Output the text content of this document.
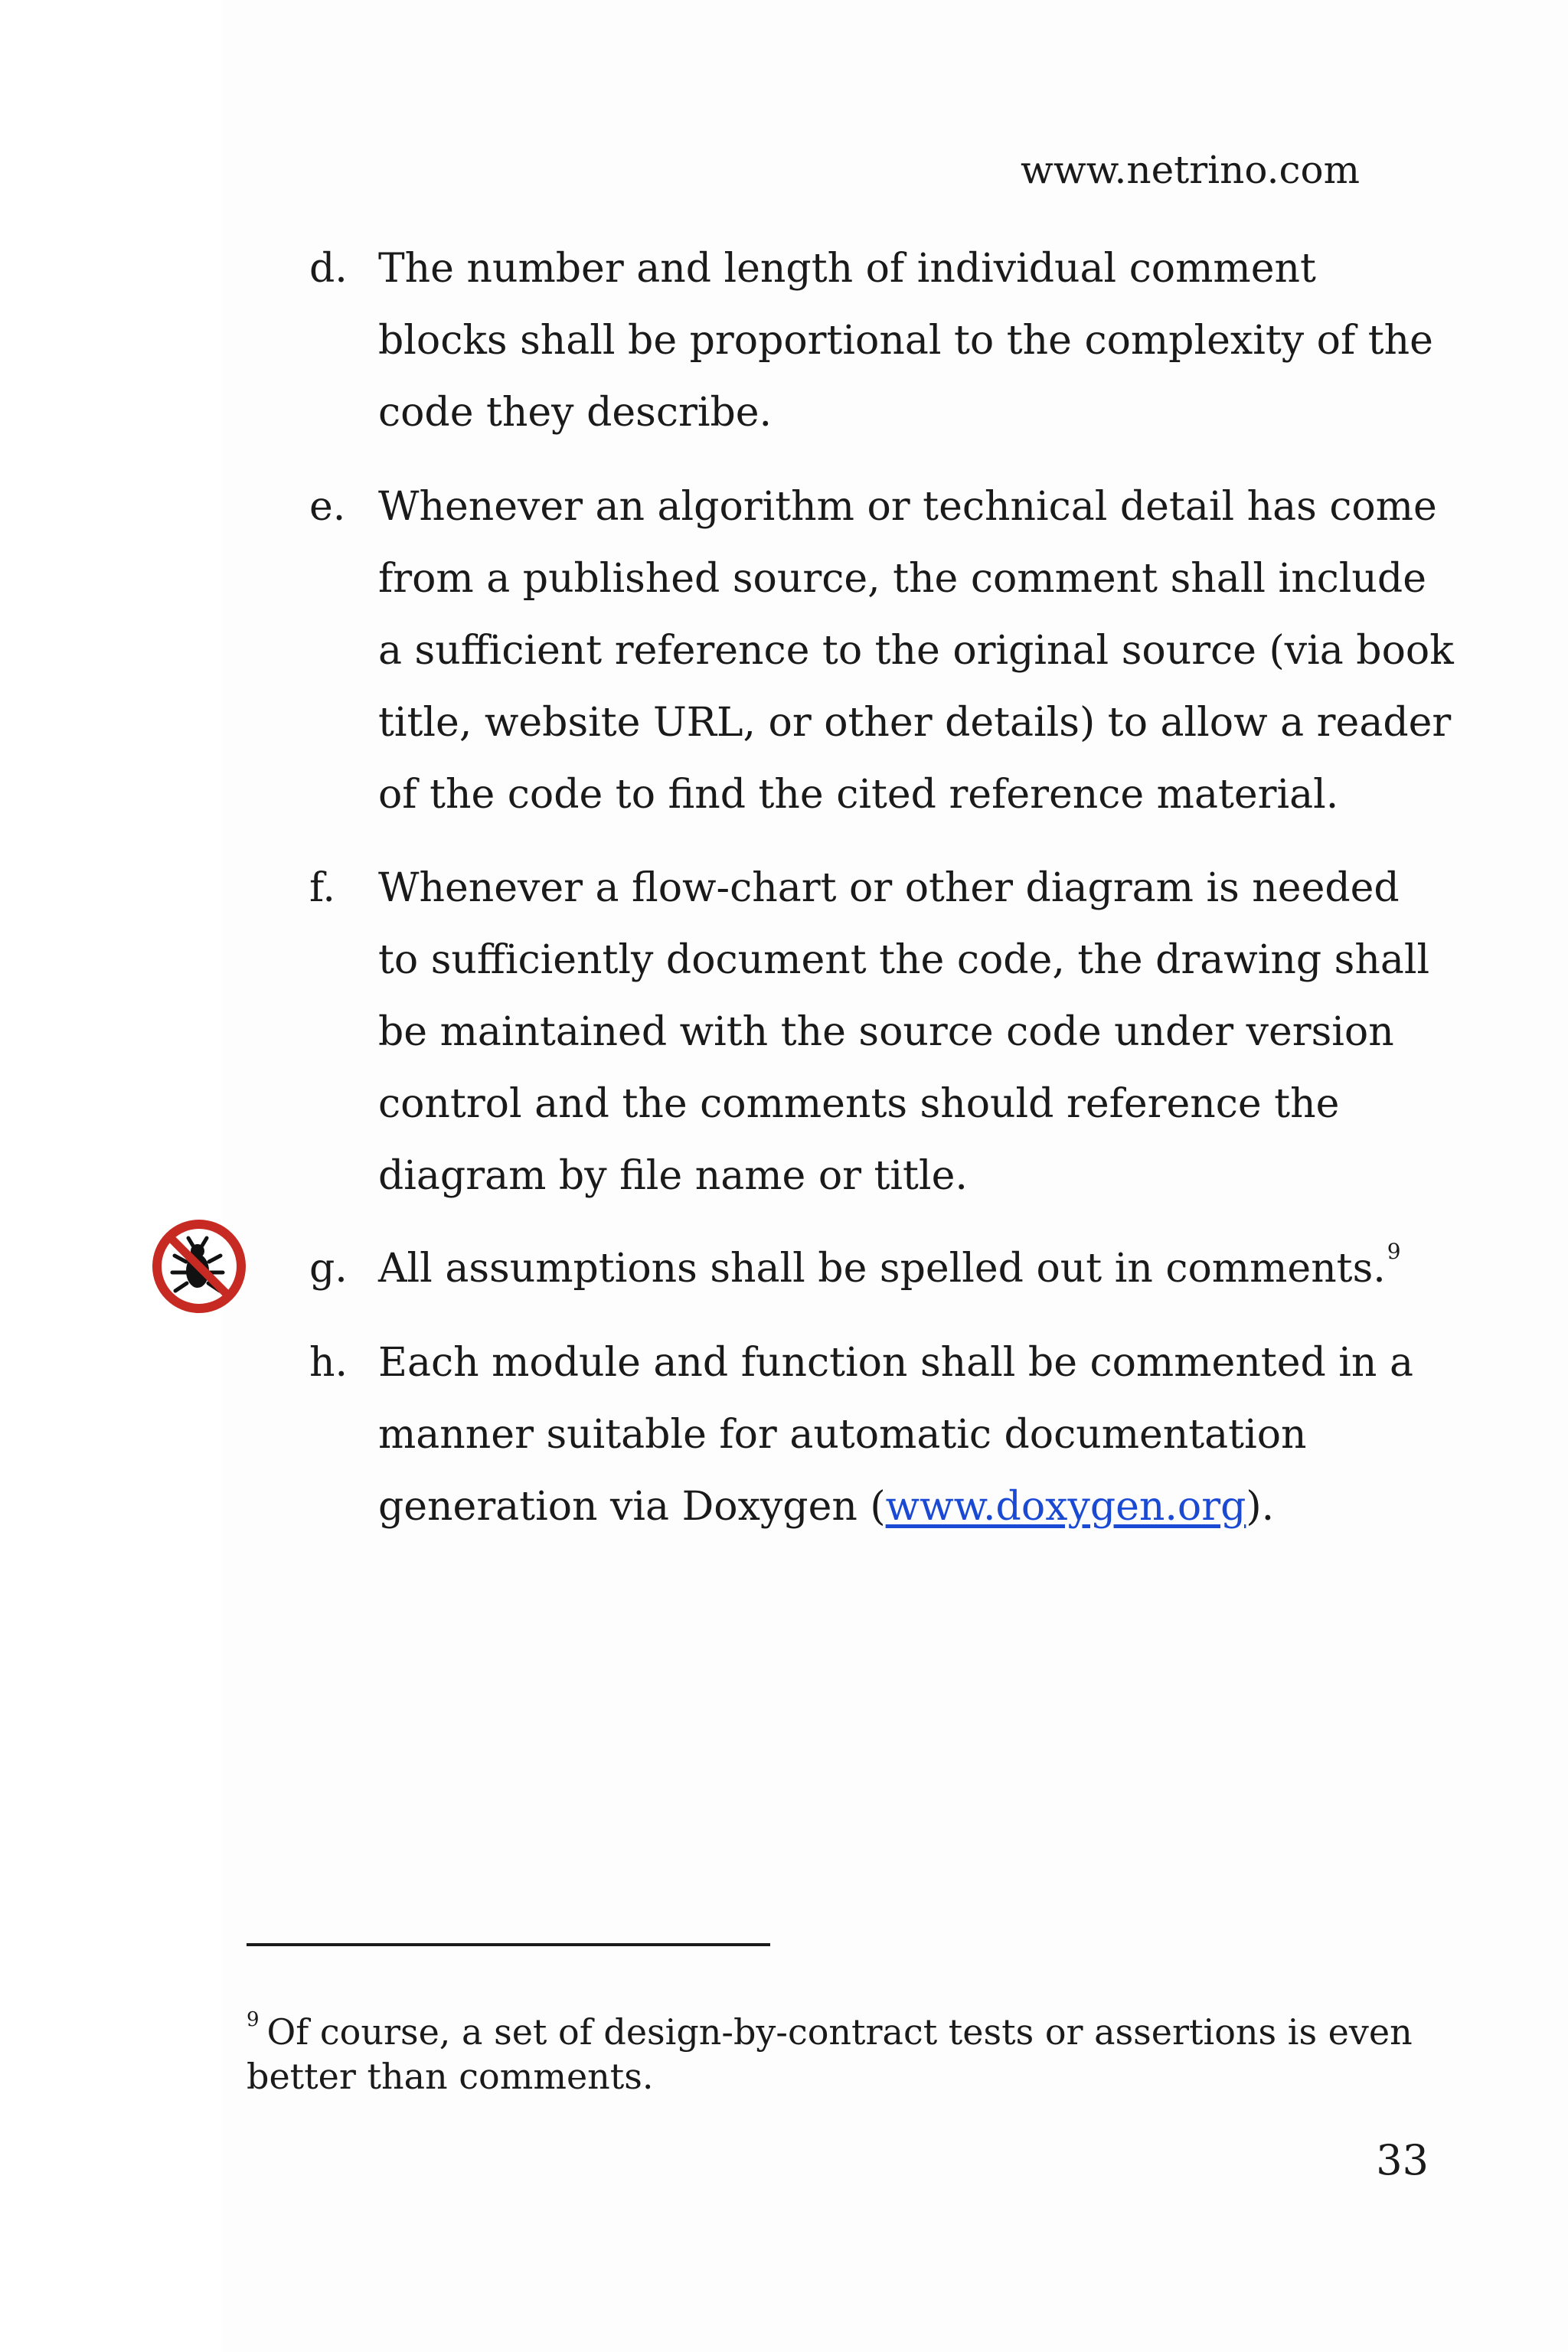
www.netrino.com
d. The number and length of individual comment
blocks shall be proportional to the complexity of the
code they describe.
e. Whenever an algorithm or technical detail has come
from a published source, the comment shall include
a sufficient reference to the original source (via book
title, website URL, or other details) to allow a reader
of the code to find the cited reference material.
f. Whenever a flow-chart or other diagram is needed
to sufficiently document the code, the drawing shall
be maintained with the source code under version
control and the comments should reference the
diagram by file name or title.
g. All assumptions shall be spelled out in comments.$^9$
h. Each module and function shall be commented in a
manner suitable for automatic documentation
generation via Doxygen (www.doxygen.org).
$^9$ Of course, a set of design-by-contract tests or assertions is even better than comments.
33
